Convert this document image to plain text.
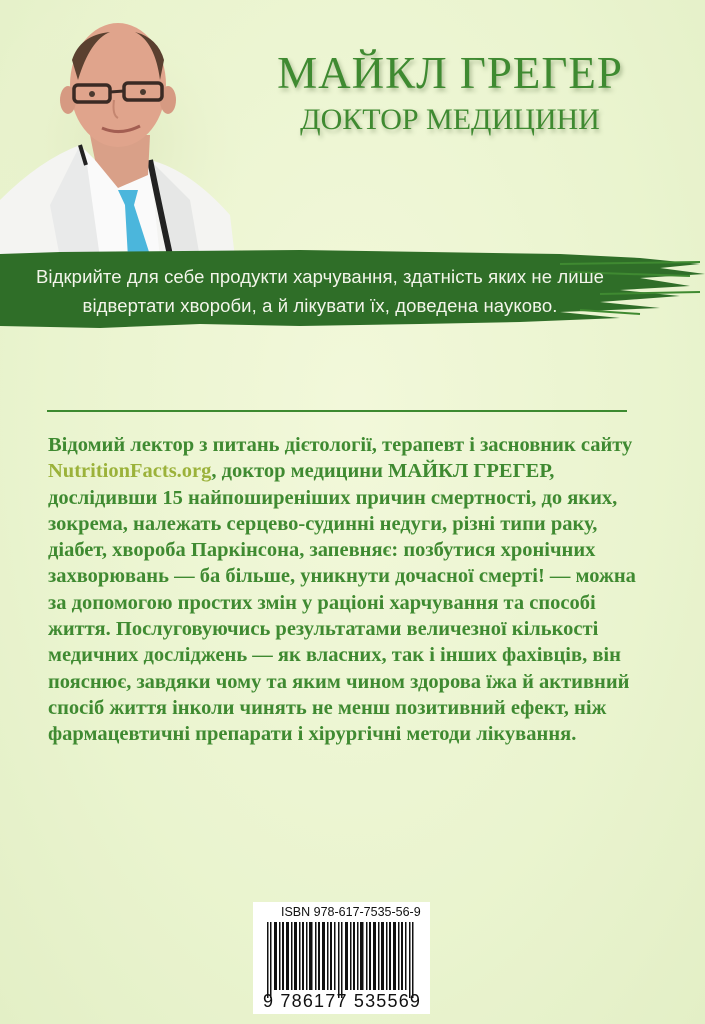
МАЙКЛ ГРЕГЕР
ДОКТОР МЕДИЦИНИ
Відкрийте для себе продукти харчування, здатність яких не лише
відвертати хвороби, а й лікувати їх, доведена науково.
Відомий лектор з питань дієтології, терапевт і засновник сайту
NutritionFacts.org, доктор медицини МАЙКЛ ГРЕГЕР,
дослідивши 15 найпоширеніших причин смертності, до яких,
зокрема, належать серцево-судинні недуги, різні типи раку,
діабет, хвороба Паркінсона, запевняє: позбутися хронічних
захворювань — ба більше, уникнути дочасної смерті! — можна
за допомогою простих змін у раціоні харчування та способі
життя. Послуговуючись результатами величезної кількості
медичних досліджень — як власних, так і інших фахівців, він
пояснює, завдяки чому та яким чином здорова їжа й активний
спосіб життя інколи чинять не менш позитивний ефект, ніж
фармацевтичні препарати і хірургічні методи лікування.
ISBN 978-617-7535-56-9
9 786177 535569
